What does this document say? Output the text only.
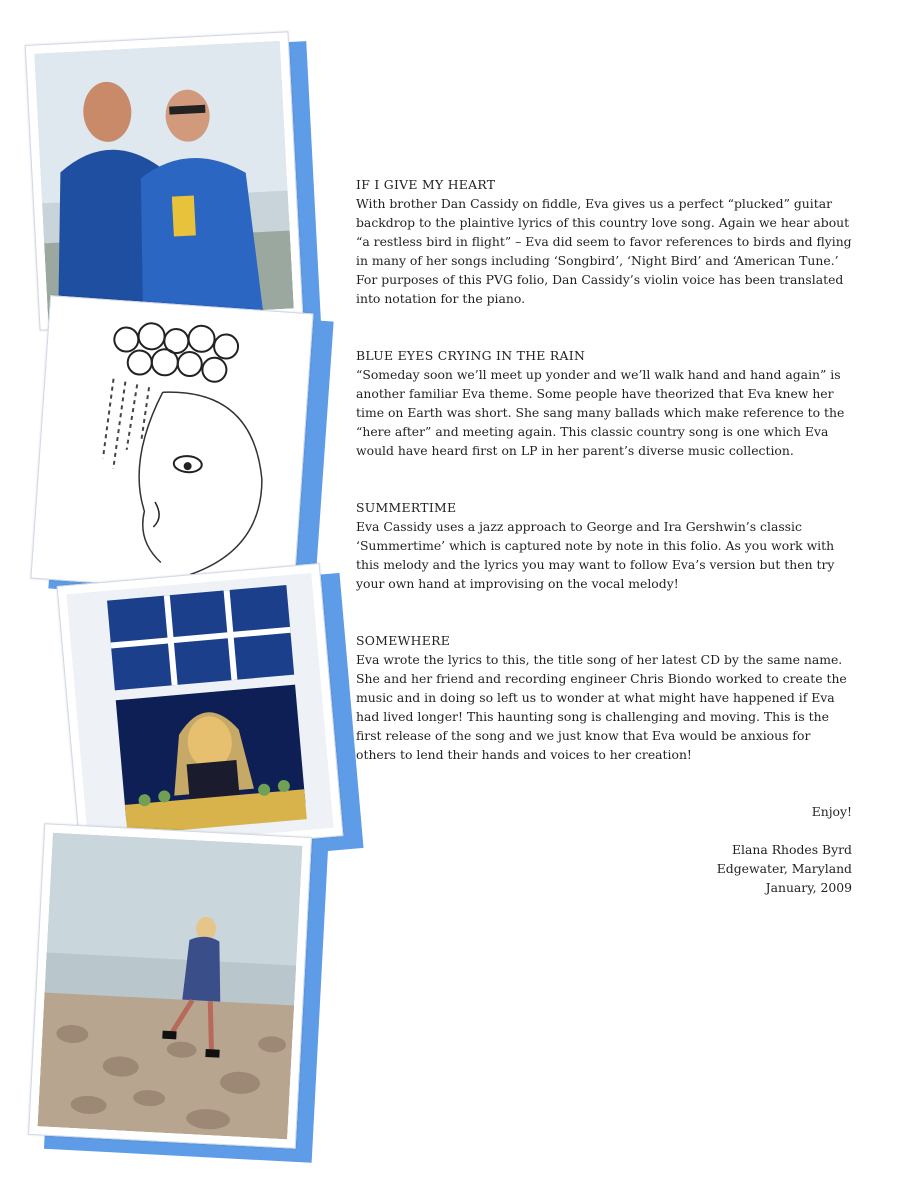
IF I GIVE MY HEART

With brother Dan Cassidy on fiddle, Eva gives us a perfect “plucked” guitar backdrop to the plaintive lyrics of this country love song. Again we hear about “a restless bird in flight” – Eva did seem to favor references to birds and flying in many of her songs including ‘Songbird’, ‘Night Bird’ and ‘American Tune.’ For purposes of this PVG folio, Dan Cassidy’s violin voice has been translated into notation for the piano.

BLUE EYES CRYING IN THE RAIN

“Someday soon we’ll meet up yonder and we’ll walk hand and hand again” is another familiar Eva theme. Some people have theorized that Eva knew her time on Earth was short. She sang many ballads which make reference to the “here after” and meeting again. This classic country song is one which Eva would have heard first on LP in her parent’s diverse music collection.

SUMMERTIME

Eva Cassidy uses a jazz approach to George and Ira Gershwin’s classic ‘Summertime’ which is captured note by note in this folio. As you work with this melody and the lyrics you may want to follow Eva’s version but then try your own hand at improvising on the vocal melody!

SOMEWHERE

Eva wrote the lyrics to this, the title song of her latest CD by the same name. She and her friend and recording engineer Chris Biondo worked to create the music and in doing so left us to wonder at what might have happened if Eva had lived longer! This haunting song is challenging and moving. This is the first release of the song and we just know that Eva would be anxious for others to lend their hands and voices to her creation!

Enjoy!
Elana Rhodes Byrd
Edgewater, Maryland
January, 2009
